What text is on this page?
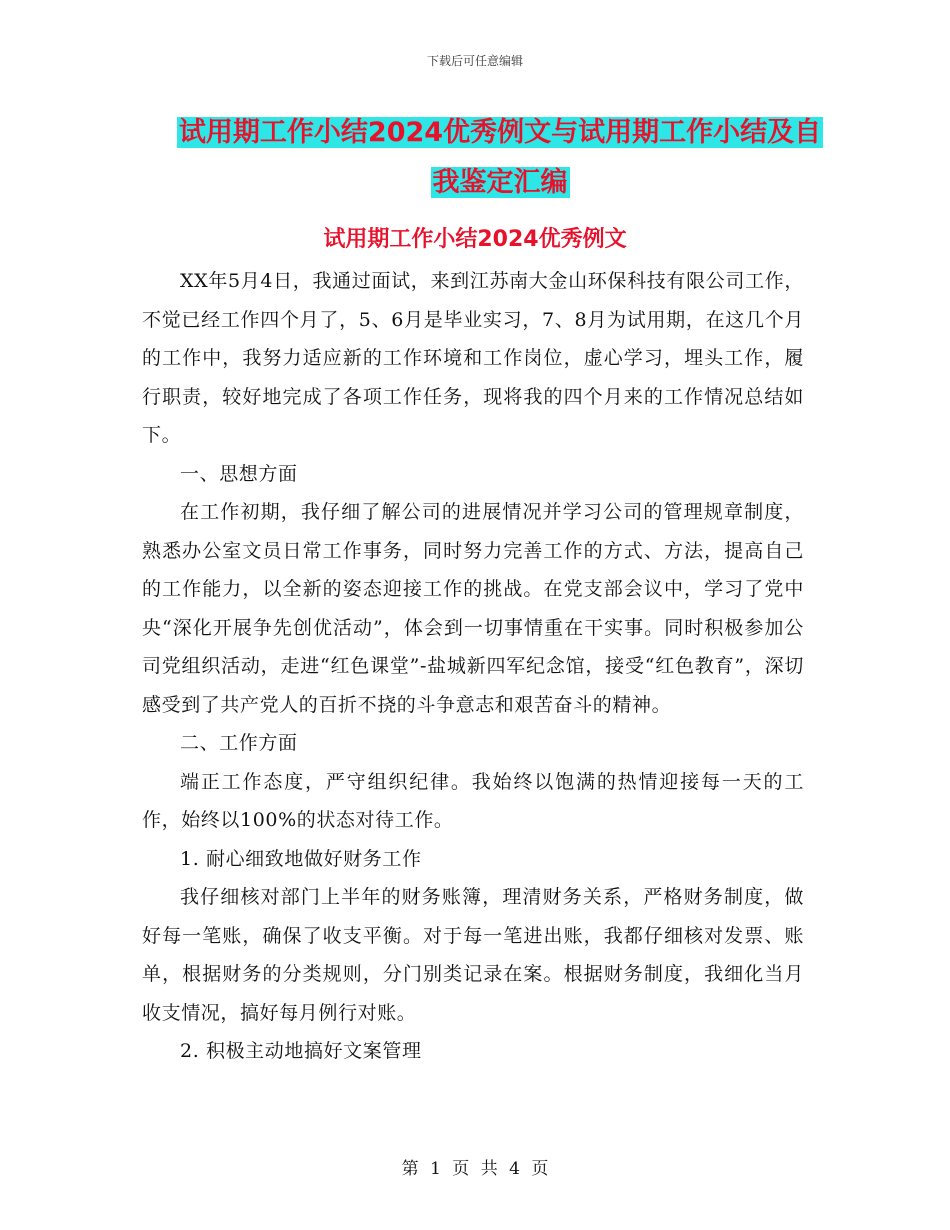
下载后可任意编辑
试用期工作小结2024优秀例文与试用期工作小结及自
我鉴定汇编
试用期工作小结2024优秀例文

XX年5月4日，我通过面试，来到江苏南大金山环保科技有限公司工作，不觉已经工作四个月了，5、6月是毕业实习，7、8月为试用期，在这几个月的工作中，我努力适应新的工作环境和工作岗位，虚心学习，埋头工作，履行职责，较好地完成了各项工作任务，现将我的四个月来的工作情况总结如下。

一、思想方面

在工作初期，我仔细了解公司的进展情况并学习公司的管理规章制度，熟悉办公室文员日常工作事务，同时努力完善工作的方式、方法，提高自己的工作能力，以全新的姿态迎接工作的挑战。在党支部会议中，学习了党中央“深化开展争先创优活动”，体会到一切事情重在干实事。同时积极参加公司党组织活动，走进“红色课堂”-盐城新四军纪念馆，接受“红色教育”，深切感受到了共产党人的百折不挠的斗争意志和艰苦奋斗的精神。

二、工作方面

端正工作态度，严守组织纪律。我始终以饱满的热情迎接每一天的工作，始终以100%的状态对待工作。

1. 耐心细致地做好财务工作

我仔细核对部门上半年的财务账簿，理清财务关系，严格财务制度，做好每一笔账，确保了收支平衡。对于每一笔进出账，我都仔细核对发票、账单，根据财务的分类规则，分门别类记录在案。根据财务制度，我细化当月收支情况，搞好每月例行对账。

2. 积极主动地搞好文案管理

第 1 页 共 4 页
